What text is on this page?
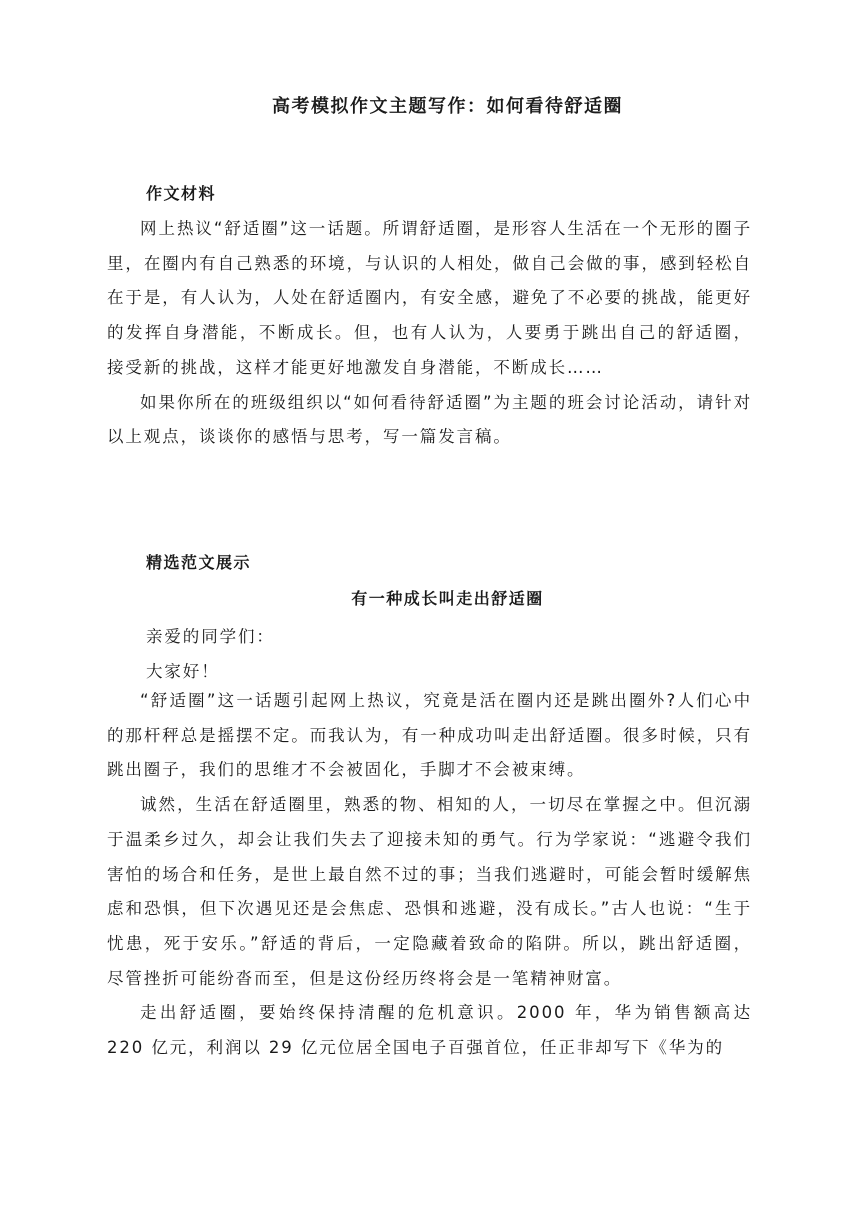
高考模拟作文主题写作：如何看待舒适圈
作文材料

网上热议“舒适圈”这一话题。所谓舒适圈，是形容人生活在一个无形的圈子里，在圈内有自己熟悉的环境，与认识的人相处，做自己会做的事，感到轻松自在于是，有人认为，人处在舒适圈内，有安全感，避免了不必要的挑战，能更好的发挥自身潜能，不断成长。但，也有人认为，人要勇于跳出自己的舒适圈， 接受新的挑战，这样才能更好地激发自身潜能，不断成长……

如果你所在的班级组织以“如何看待舒适圈”为主题的班会讨论活动，请针对以上观点，谈谈你的感悟与思考，写一篇发言稿。

精选范文展示
有一种成长叫走出舒适圈
亲爱的同学们：
大家好！

“舒适圈”这一话题引起网上热议，究竟是活在圈内还是跳出圈外?人们心中的那杆秤总是摇摆不定。而我认为，有一种成功叫走出舒适圈。很多时候，只有跳出圈子，我们的思维才不会被固化，手脚才不会被束缚。

诚然，生活在舒适圈里，熟悉的物、相知的人，一切尽在掌握之中。但沉溺于温柔乡过久，却会让我们失去了迎接未知的勇气。行为学家说：“逃避令我们害怕的场合和任务，是世上最自然不过的事；当我们逃避时，可能会暂时缓解焦虑和恐惧，但下次遇见还是会焦虑、恐惧和逃避，没有成长。”古人也说：“生于忧患，死于安乐。”舒适的背后，一定隐藏着致命的陷阱。所以，跳出舒适圈，尽管挫折可能纷沓而至，但是这份经历终将会是一笔精神财富。

走出舒适圈，要始终保持清醒的危机意识。2000 年，华为销售额高达 220 亿元，利润以 29 亿元位居全国电子百强首位，任正非却写下《华为的
